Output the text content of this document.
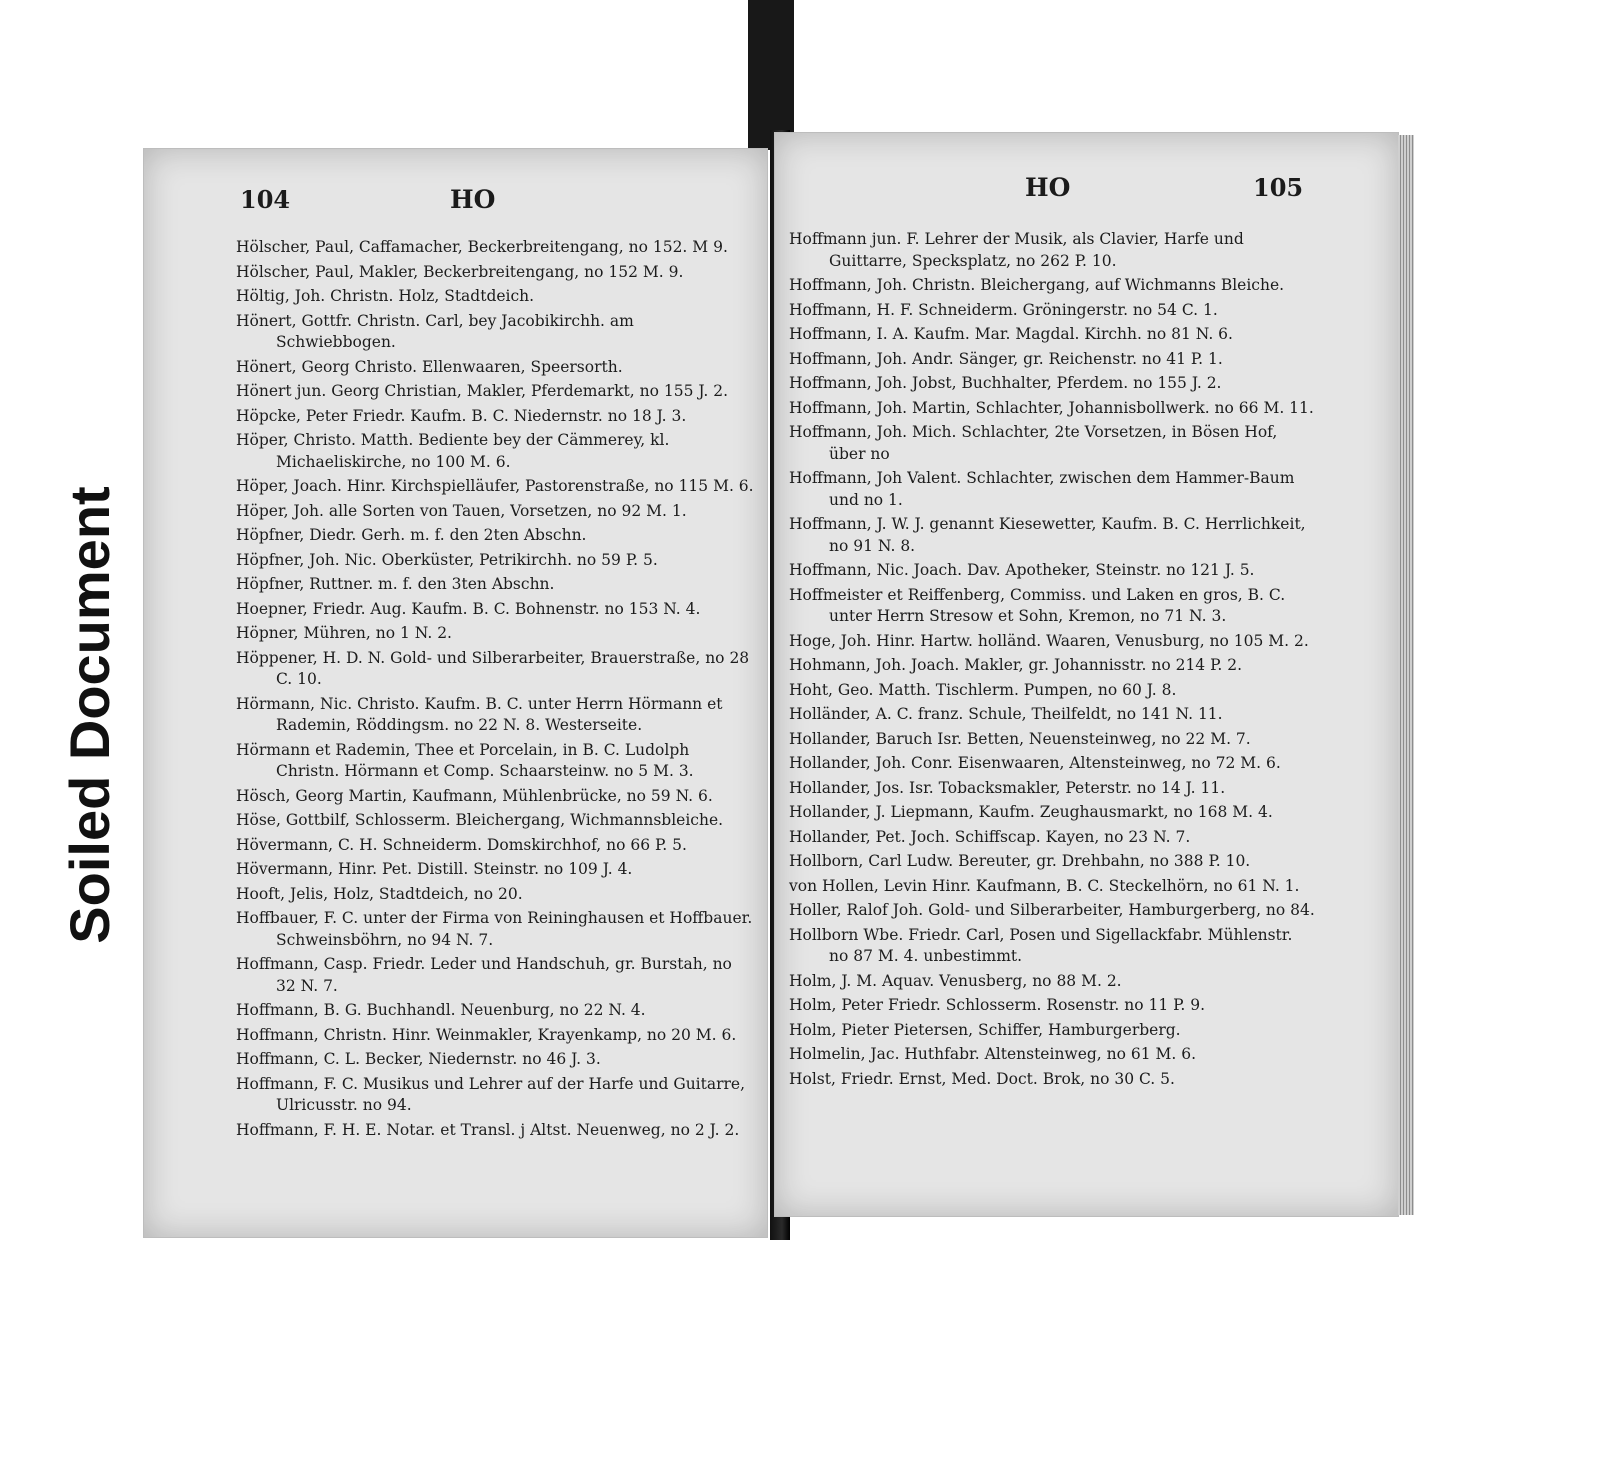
Soiled Document
104	HO
Hölscher, Paul, Caffamacher, Beckerbreitengang, no 152. M 9.
Hölscher, Paul, Makler, Beckerbreitengang, no 152 M. 9.
Höltig, Joh. Christn. Holz, Stadtdeich.
Hönert, Gottfr. Christn. Carl, bey Jacobikirchh. am Schwiebbogen.
Hönert, Georg Christo. Ellenwaaren, Speersorth.
Hönert jun. Georg Christian, Makler, Pferdemarkt, no 155 J. 2.
Höpcke, Peter Friedr. Kaufm. B. C. Niedernstr. no 18 J. 3.
Höper, Christo. Matth. Bediente bey der Cämmerey, kl. Michaeliskirche, no 100 M. 6.
Höper, Joach. Hinr. Kirchspielläufer, Pastorenstraße, no 115 M. 6.
Höper, Joh. alle Sorten von Tauen, Vorsetzen, no 92 M. 1.
Höpfner, Diedr. Gerh. m. f. den 2ten Abschn.
Höpfner, Joh. Nic. Oberküster, Petrikirchh. no 59 P. 5.
Höpfner, Ruttner. m. f. den 3ten Abschn.
Hoepner, Friedr. Aug. Kaufm. B. C. Bohnenstr. no 153 N. 4.
Höpner, Mühren, no 1 N. 2.
Höppener, H. D. N. Gold- und Silberarbeiter, Brauerstraße, no 28 C. 10.
Hörmann, Nic. Christo. Kaufm. B. C. unter Herrn Hörmann et Rademin, Röddingsm. no 22 N. 8. Westerseite.
Hörmann et Rademin, Thee et Porcelain, in B. C. Ludolph Christn. Hörmann et Comp. Schaarsteinw. no 5 M. 3.
Hösch, Georg Martin, Kaufmann, Mühlenbrücke, no 59 N. 6.
Höse, Gottbilf, Schlosserm. Bleichergang, Wichmannsbleiche.
Hövermann, C. H. Schneiderm. Domskirchhof, no 66 P. 5.
Hövermann, Hinr. Pet. Distill. Steinstr. no 109 J. 4.
Hooft, Jelis, Holz, Stadtdeich, no 20.
Hoffbauer, F. C. unter der Firma von Reininghausen et Hoffbauer. Schweinsböhrn, no 94 N. 7.
Hoffmann, Casp. Friedr. Leder und Handschuh, gr. Burstah, no 32 N. 7.
Hoffmann, B. G. Buchhandl. Neuenburg, no 22 N. 4.
Hoffmann, Christn. Hinr. Weinmakler, Krayenkamp, no 20 M. 6.
Hoffmann, C. L. Becker, Niedernstr. no 46 J. 3.
Hoffmann, F. C. Musikus und Lehrer auf der Harfe und Guitarre, Ulricusstr. no 94.
Hoffmann, F. H. E. Notar. et Transl. j Altst. Neuenweg, no 2 J. 2.
HO	105
Hoffmann jun. F. Lehrer der Musik, als Clavier, Harfe und Guittarre, Specksplatz, no 262 P. 10.
Hoffmann, Joh. Christn. Bleichergang, auf Wichmanns Bleiche.
Hoffmann, H. F. Schneiderm. Gröningerstr. no 54 C. 1.
Hoffmann, I. A. Kaufm. Mar. Magdal. Kirchh. no 81 N. 6.
Hoffmann, Joh. Andr. Sänger, gr. Reichenstr. no 41 P. 1.
Hoffmann, Joh. Jobst, Buchhalter, Pferdem. no 155 J. 2.
Hoffmann, Joh. Martin, Schlachter, Johannisbollwerk. no 66 M. 11.
Hoffmann, Joh. Mich. Schlachter, 2te Vorsetzen, in Bösen Hof, über no
Hoffmann, Joh Valent. Schlachter, zwischen dem Hammer-Baum und no 1.
Hoffmann, J. W. J. genannt Kiesewetter, Kaufm. B. C. Herrlichkeit, no 91 N. 8.
Hoffmann, Nic. Joach. Dav. Apotheker, Steinstr. no 121 J. 5.
Hoffmeister et Reiffenberg, Commiss. und Laken en gros, B. C. unter Herrn Stresow et Sohn, Kremon, no 71 N. 3.
Hoge, Joh. Hinr. Hartw. holländ. Waaren, Venusburg, no 105 M. 2.
Hohmann, Joh. Joach. Makler, gr. Johannisstr. no 214 P. 2.
Hoht, Geo. Matth. Tischlerm. Pumpen, no 60 J. 8.
Holländer, A. C. franz. Schule, Theilfeldt, no 141 N. 11.
Hollander, Baruch Isr. Betten, Neuensteinweg, no 22 M. 7.
Hollander, Joh. Conr. Eisenwaaren, Altensteinweg, no 72 M. 6.
Hollander, Jos. Isr. Tobacksmakler, Peterstr. no 14 J. 11.
Hollander, J. Liepmann, Kaufm. Zeughausmarkt, no 168 M. 4.
Hollander, Pet. Joch. Schiffscap. Kayen, no 23 N. 7.
Hollborn, Carl Ludw. Bereuter, gr. Drehbahn, no 388 P. 10.
von Hollen, Levin Hinr. Kaufmann, B. C. Steckelhörn, no 61 N. 1.
Holler, Ralof Joh. Gold- und Silberarbeiter, Hamburgerberg, no 84.
Hollborn Wbe. Friedr. Carl, Posen und Sigellackfabr. Mühlenstr. no 87 M. 4. unbestimmt.
Holm, J. M. Aquav. Venusberg, no 88 M. 2.
Holm, Peter Friedr. Schlosserm. Rosenstr. no 11 P. 9.
Holm, Pieter Pietersen, Schiffer, Hamburgerberg.
Holmelin, Jac. Huthfabr. Altensteinweg, no 61 M. 6.
Holst, Friedr. Ernst, Med. Doct. Brok, no 30 C. 5.
